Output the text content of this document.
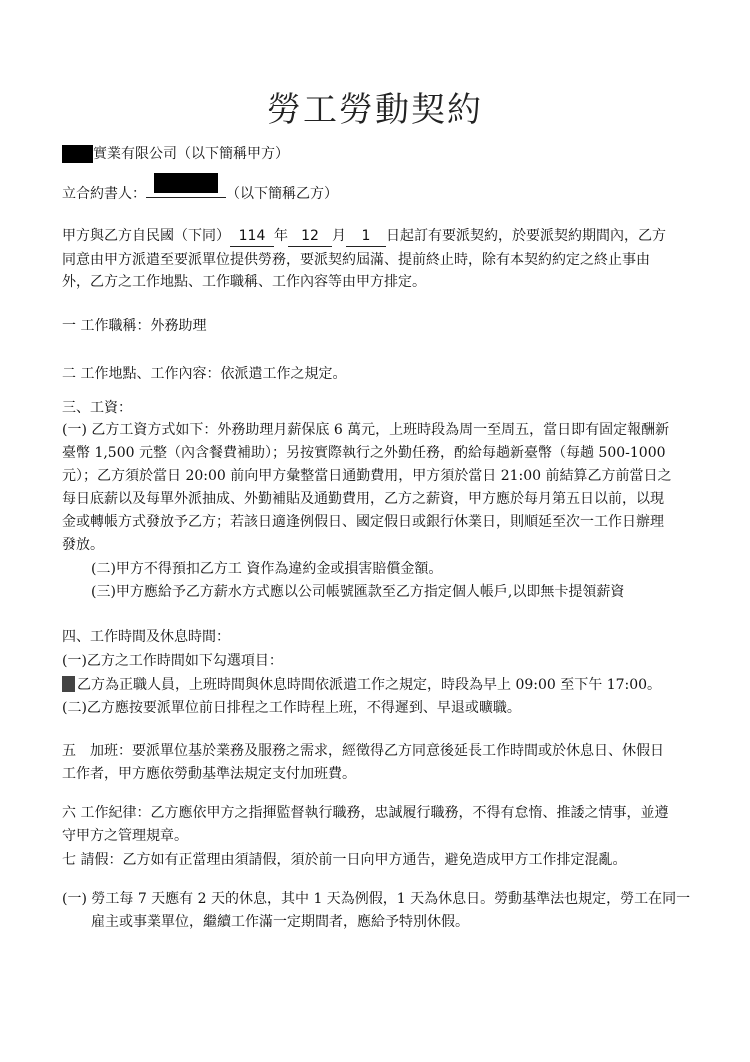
勞工勞動契約
實業有限公司（以下簡稱甲方）
立合約書人：	（以下簡稱乙方）
甲方與乙方自民國（下同） 114 年 12 月 1 日起訂有要派契約，於要派契約期間內，乙方
同意由甲方派遣至要派單位提供勞務，要派契約屆滿、提前終止時，除有本契約約定之終止事由
外，乙方之工作地點、工作職稱、工作內容等由甲方排定。
一 工作職稱：外務助理
二 工作地點、工作內容：依派遣工作之規定。
三、工資：
(一) 乙方工資方式如下：外務助理月薪保底 6 萬元，上班時段為周一至周五，當日即有固定報酬新
臺幣 1,500 元整（內含餐費補助）；另按實際執行之外勤任務，酌給每趟新臺幣（每趟 500-1000
元）；乙方須於當日 20:00 前向甲方彙整當日通勤費用，甲方須於當日 21:00 前結算乙方前當日之
每日底薪以及每單外派抽成、外勤補貼及通勤費用，乙方之薪資，甲方應於每月第五日以前，以現
金或轉帳方式發放予乙方；若該日適逢例假日、國定假日或銀行休業日，則順延至次一工作日辦理
發放。
(二)甲方不得預扣乙方工 資作為違約金或損害賠償金額。
(三)甲方應給予乙方薪水方式應以公司帳號匯款至乙方指定個人帳戶,以即無卡提領薪資
四、工作時間及休息時間：
(一)乙方之工作時間如下勾選項目：
乙方為正職人員，上班時間與休息時間依派遣工作之規定，時段為早上 09:00 至下午 17:00。
(二)乙方應按要派單位前日排程之工作時程上班，不得遲到、早退或曠職。
五　加班：要派單位基於業務及服務之需求，經徵得乙方同意後延長工作時間或於休息日、休假日
工作者，甲方應依勞動基準法規定支付加班費。
六 工作紀律：乙方應依甲方之指揮監督執行職務，忠誠履行職務，不得有怠惰、推諉之情事，並遵
守甲方之管理規章。
七 請假：乙方如有正當理由須請假，須於前一日向甲方通告，避免造成甲方工作排定混亂。
(一) 勞工每 7 天應有 2 天的休息，其中 1 天為例假，1 天為休息日。勞動基準法也規定，勞工在同一
雇主或事業單位，繼續工作滿一定期間者，應給予特別休假。
